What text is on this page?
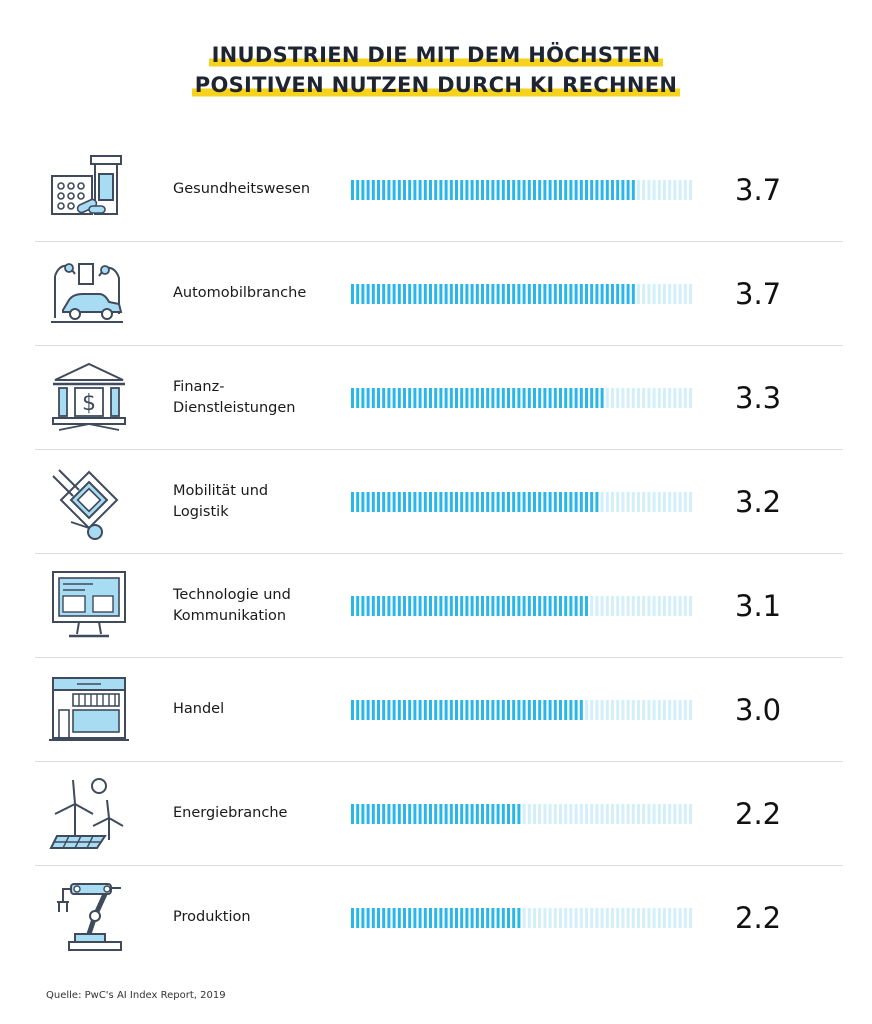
INUDSTRIEN DIE MIT DEM HÖCHSTEN
POSITIVEN NUTZEN DURCH KI RECHNEN
Gesundheitswesen	3.7
Automobilbranche	3.7
$
Finanz-
Dienstleistungen	3.3
Mobilität und
Logistik	3.2
Technologie und
Kommunikation	3.1
Handel	3.0
Energiebranche	2.2
Produktion	2.2
Quelle: PwC's AI Index Report, 2019
